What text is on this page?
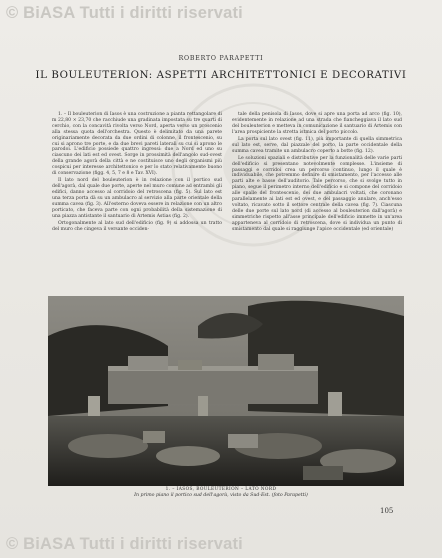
© BiASA Tutti i diritti riservati
ROBERTO PARAPETTI
IL BOULEUTERION: ASPETTI ARCHITETTONICI E DECORATIVI

1. – Il bouleuterion di Iasos è una costruzione a pianta rettangolare di m 22,80 × 23,70 che racchiude una gradinata impostata su tre quarti di cerchio, con la concavità rivolta verso Nord, aperta verso un proscenio alla stessa quota dell'orchestra. Questo è delimitato da una parete originariamente decorata da due ordini di colonne, il frontescenio, su cui si aprono tre porte, e da due brevi pareti laterali su cui si aprono le parodoi. L'edificio possiede quattro ingressi: due a Nord ed uno su ciascuno dei lati est ed ovest. Sorge in prossimità dell'angolo sud-ovest della grande agorà della città e ne costituisce uno degli organismi più cospicui per interesse architettonico e per lo stato relativamente buono di conservazione (figg. 4, 5, 7 e 8 e Tav. XVI).

Il lato nord del bouleuterion è in relazione con il portico sud dell'agorà, dal quale due porte, aperte nel muro comune ad entrambi gli edifici, danno accesso al corridoio del retroscena (fig. 5). Sul lato est una terza porta dà su un ambulacro al servizio alla parte orientale della summa cavea (fig. 3). All'esterno doveva essere in relazione con un altro porticato, che faceva parte con ogni probabilità della sistemazione di una piazza antistante il santuario di Artemis Astias (fig. 2).

Ortogonalmente al lato sud dell'edificio (fig. 9) si addossa un tratto del muro che cingeva il versante occiden-

tale della penisola di Iasos, dove si apre una porta ad arco (fig. 10), evidentemente in relazione ad una strada che fiancheggiava il lato sud del bouleuterion e metteva in comunicazione il santuario di Artemis con l'area prospiciente la stretta istmica del porto piccolo.

La porta sul lato ovest (fig. 11), più importante di quella simmetrica sul lato est, serve, dal piazzale del porto, la parte occidentale della summa cavea tramite un ambulacro coperto a botte (fig. 12).

Le soluzioni spaziali e distributive per la funzionalità delle varie parti dell'edificio si presentano notevolmente complesse. L'insieme di passaggi e corridoi crea un percorso continuo, lungo il quale è individuabile, che potremmo definire di smistamento, per l'accesso alle parti alte e basse dell'auditorio. Tale percorso, che si svolge tutto in piano, segue il perimetro interno dell'edificio e si compone del corridoio alle spalle del frontescenio, dei due ambulacri voltati, che coronano parallelamente ai lati est ed ovest, e del passaggio anulare, anch'esso voltato, ricavato sotto il settore centrale della cavea (fig. 7). Ciascuna delle due porte sul lato nord (di accesso al bouleuterion dall'agorà) e simmetriche rispetto all'asse principale dell'edificio immette in un'area apparteneva al corridoio di retroscena, dove si individua un punto di smistamento dal quale si raggiunge l'apice occidentale (ed orientale)

1. – IASOS, BOULEUTERION – LATO NORD
In primo piano il portico sud dell'agorà, visto da Sud-Est. (foto Parapetti)
105
© BiASA Tutti i diritti riservati
